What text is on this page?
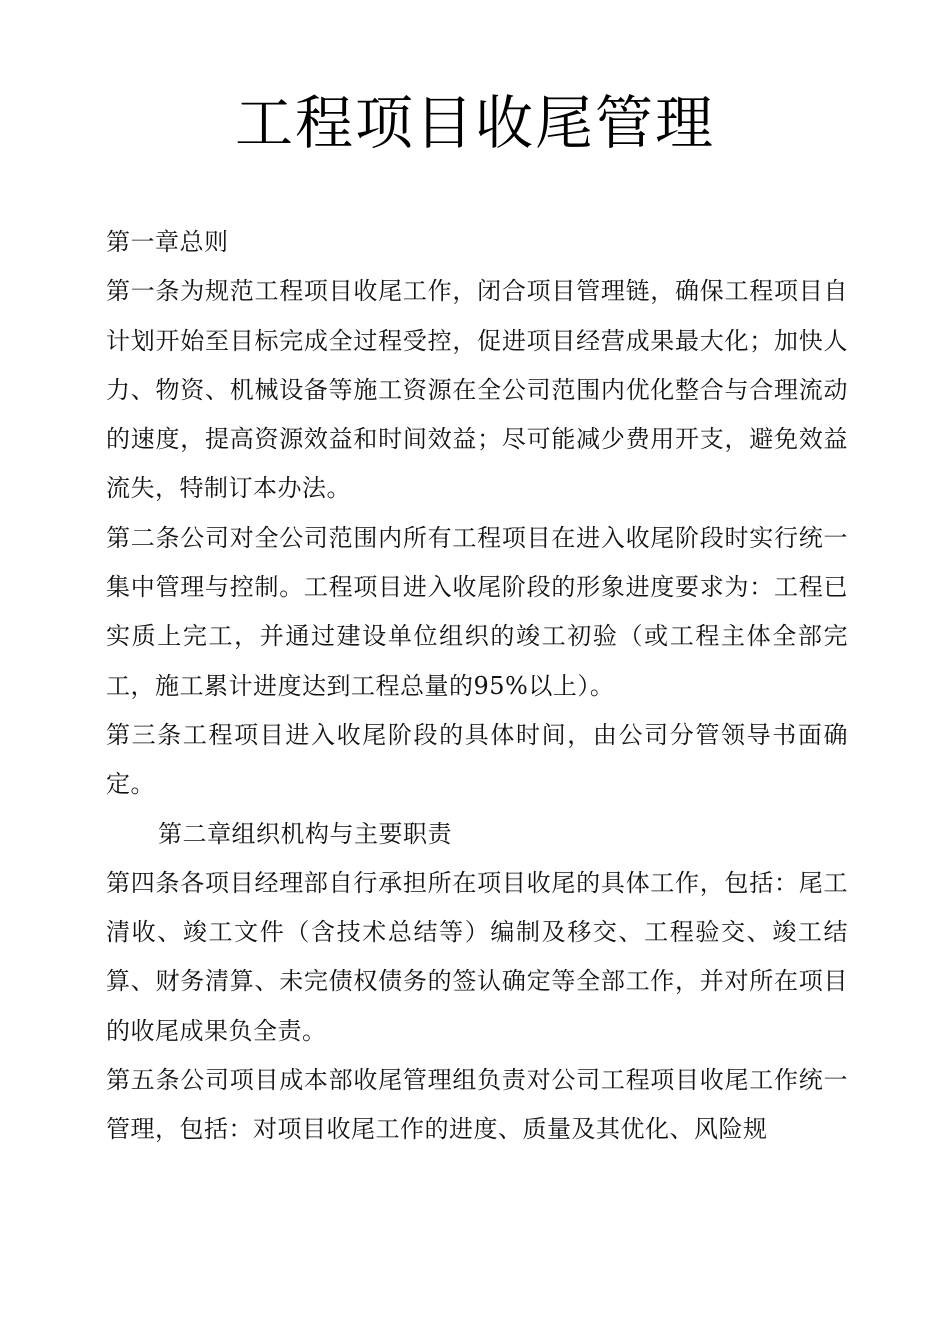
工程项目收尾管理

第一章总则

第一条为规范工程项目收尾工作，闭合项目管理链，确保工程项目自计划开始至目标完成全过程受控，促进项目经营成果最大化；加快人力、物资、机械设备等施工资源在全公司范围内优化整合与合理流动的速度，提高资源效益和时间效益；尽可能减少费用开支，避免效益流失，特制订本办法。

第二条公司对全公司范围内所有工程项目在进入收尾阶段时实行统一集中管理与控制。工程项目进入收尾阶段的形象进度要求为：工程已实质上完工，并通过建设单位组织的竣工初验（或工程主体全部完工，施工累计进度达到工程总量的95%以上）。

第三条工程项目进入收尾阶段的具体时间，由公司分管领导书面确定。

第二章组织机构与主要职责

第四条各项目经理部自行承担所在项目收尾的具体工作，包括：尾工清收、竣工文件（含技术总结等）编制及移交、工程验交、竣工结算、财务清算、未完债权债务的签认确定等全部工作，并对所在项目的收尾成果负全责。

第五条公司项目成本部收尾管理组负责对公司工程项目收尾工作统一管理，包括：对项目收尾工作的进度、质量及其优化、风险规
